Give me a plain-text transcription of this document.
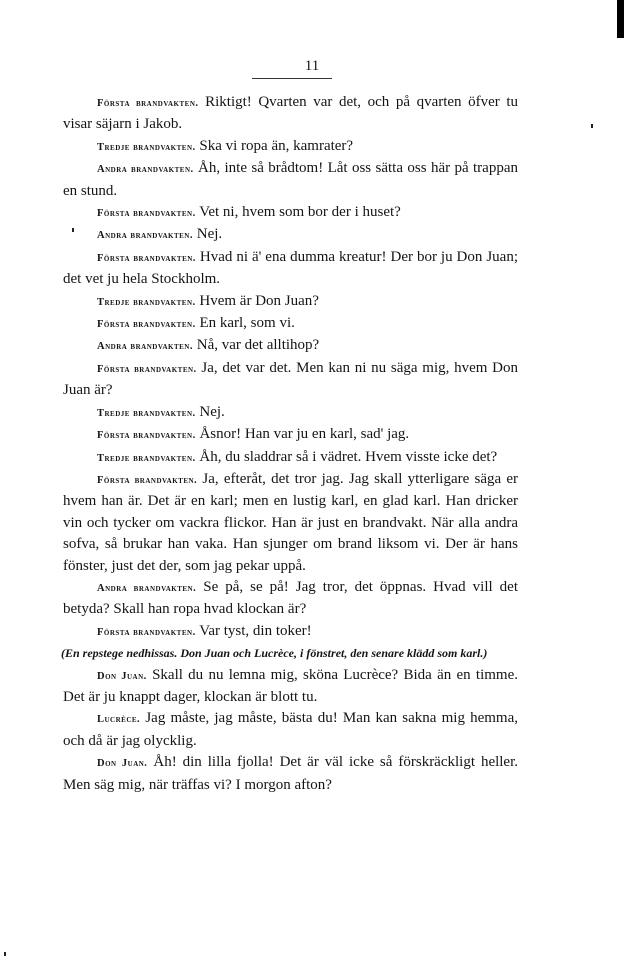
11

Första brandvakten. Riktigt! Qvarten var det, och på qvarten öfver tu visar säjarn i Jakob.

Tredje brandvakten. Ska vi ropa än, kamrater?

Andra brandvakten. Åh, inte så brådtom! Låt oss sätta oss här på trappan en stund.

Första brandvakten. Vet ni, hvem som bor der i huset?

Andra brandvakten. Nej.

Första brandvakten. Hvad ni ä' ena dumma kreatur! Der bor ju Don Juan; det vet ju hela Stockholm.

Tredje brandvakten. Hvem är Don Juan?

Första brandvakten. En karl, som vi.

Andra brandvakten. Nå, var det alltihop?

Första brandvakten. Ja, det var det. Men kan ni nu säga mig, hvem Don Juan är?

Tredje brandvakten. Nej.

Första brandvakten. Åsnor! Han var ju en karl, sad' jag.

Tredje brandvakten. Åh, du sladdrar så i vädret. Hvem visste icke det?

Första brandvakten. Ja, efteråt, det tror jag. Jag skall ytterligare säga er hvem han är. Det är en karl; men en lustig karl, en glad karl. Han dricker vin och tycker om vackra flickor. Han är just en brandvakt. När alla andra sofva, så brukar han vaka. Han sjunger om brand liksom vi. Der är hans fönster, just det der, som jag pekar uppå.

Andra brandvakten. Se på, se på! Jag tror, det öppnas. Hvad vill det betyda? Skall han ropa hvad klockan är?

Första brandvakten. Var tyst, din toker!

(En repstege nedhissas. Don Juan och Lucrèce, i fönstret, den senare klädd som karl.)

Don Juan. Skall du nu lemna mig, sköna Lucrèce? Bida än en timme. Det är ju knappt dager, klockan är blott tu.

Lucrèce. Jag måste, jag måste, bästa du! Man kan sakna mig hemma, och då är jag olycklig.

Don Juan. Åh! din lilla fjolla! Det är väl icke så förskräckligt heller. Men säg mig, när träffas vi? I morgon afton?
